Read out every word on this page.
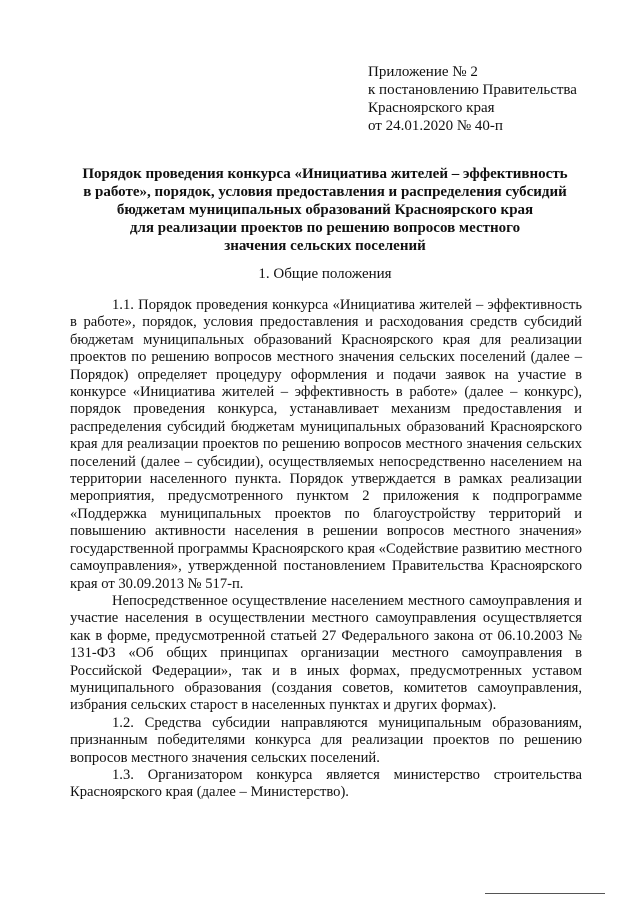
Приложение № 2
к постановлению Правительства
Красноярского края
от 24.01.2020 № 40-п
Порядок проведения конкурса «Инициатива жителей – эффективность
в работе», порядок, условия предоставления и распределения субсидий
бюджетам муниципальных образований Красноярского края
для реализации проектов по решению вопросов местного
значения сельских поселений
1. Общие положения

1.1. Порядок проведения конкурса «Инициатива жителей – эффективность в работе», порядок, условия предоставления и расходования средств субсидий бюджетам муниципальных образований Красноярского края для реализации проектов по решению вопросов местного значения сельских поселений (далее – Порядок) определяет процедуру оформления и подачи заявок на участие в конкурсе «Инициатива жителей – эффективность в работе» (далее – конкурс), порядок проведения конкурса, устанавливает механизм предоставления и распределения субсидий бюджетам муниципальных образований Красноярского края для реализации проектов по решению вопросов местного значения сельских поселений (далее – субсидии), осуществляемых непосредственно населением на территории населенного пункта. Порядок утверждается в рамках реализации мероприятия, предусмотренного пунктом 2 приложения к подпрограмме «Поддержка муниципальных проектов по благоустройству территорий и повышению активности населения в решении вопросов местного значения» государственной программы Красноярского края «Содействие развитию местного самоуправления», утвержденной постановлением Правительства Красноярского края от 30.09.2013 № 517-п.

Непосредственное осуществление населением местного самоуправления и участие населения в осуществлении местного самоуправления осуществляется как в форме, предусмотренной статьей 27 Федерального закона от 06.10.2003 № 131-ФЗ «Об общих принципах организации местного самоуправления в Российской Федерации», так и в иных формах, предусмотренных уставом муниципального образования (создания советов, комитетов самоуправления, избрания сельских старост в населенных пунктах и других формах).

1.2. Средства субсидии направляются муниципальным образованиям, признанным победителями конкурса для реализации проектов по решению вопросов местного значения сельских поселений.

1.3. Организатором конкурса является министерство строительства Красноярского края (далее – Министерство).
